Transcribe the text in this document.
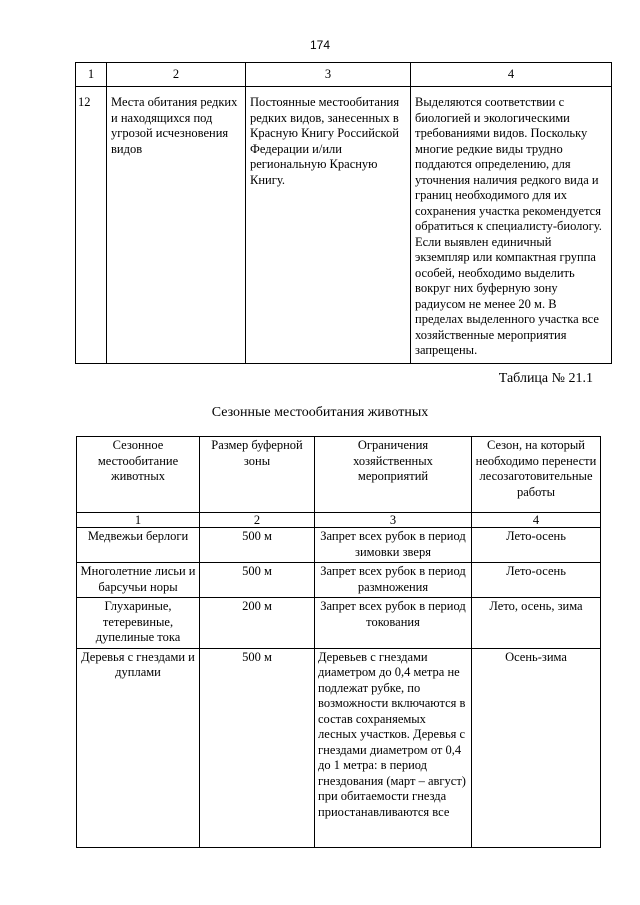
174
1	2	3	4
12	Места обитания редких и находящихся под угрозой исчезновения видов	Постоянные местообитания редких видов, занесенных в Красную Книгу Российской Федерации и/или региональную Красную Книгу.	Выделяются соответствии с биологией и экологическими требованиями видов. Поскольку многие редкие виды трудно поддаются определению, для уточнения наличия редкого вида и границ необходимого для их сохранения участка рекомендуется обратиться к специалисту-биологу. Если выявлен единичный экземпляр или компактная группа особей, необходимо выделить вокруг них буферную зону радиусом не менее 20 м. В пределах выделенного участка все хозяйственные мероприятия запрещены.
Таблица № 21.1
Сезонные местообитания животных
Сезонное местообитание животных	Размер буферной зоны	Ограничения хозяйственных мероприятий	Сезон, на который необходимо перенести лесозаготовительные работы
1	2	3	4
Медвежьи берлоги	500 м	Запрет всех рубок в период зимовки зверя	Лето-осень
Многолетние лисьи и барсучьи норы	500 м	Запрет всех рубок в период размножения	Лето-осень
Глухариные, тетеревиные, дупелиные тока	200 м	Запрет всех рубок в период токования	Лето, осень, зима
Деревья с гнездами и дуплами	500 м	Деревьев с гнездами диаметром до 0,4 метра не подлежат рубке, по возможности включаются в состав сохраняемых лесных участков. Деревья с гнездами диаметром от 0,4 до 1 метра: в период гнездования (март – август) при обитаемости гнезда приостанавливаются все	Осень-зима
